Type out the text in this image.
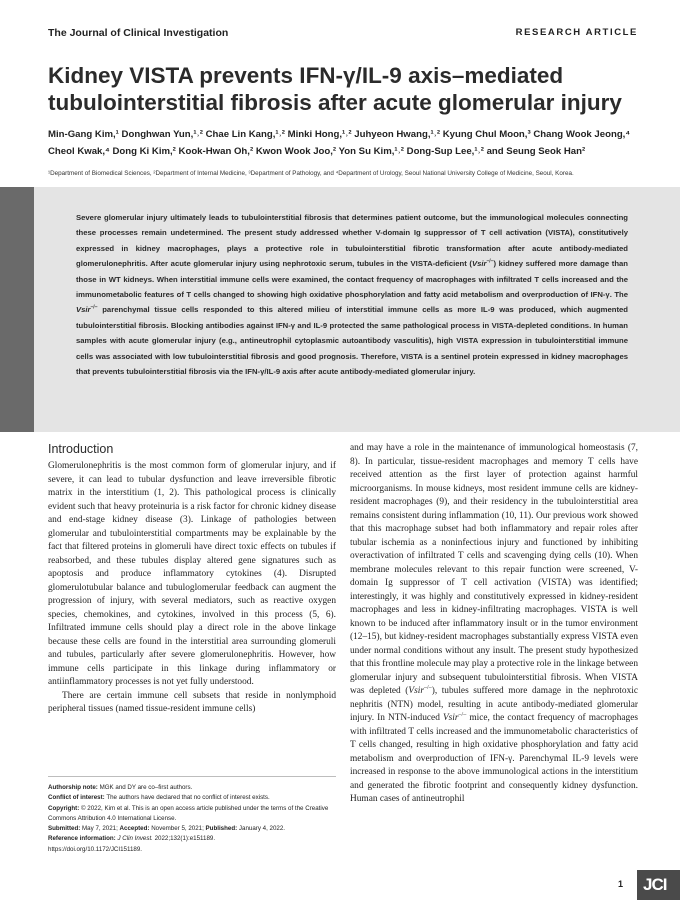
The Journal of Clinical Investigation	RESEARCH ARTICLE
Kidney VISTA prevents IFN-γ/IL-9 axis–mediated
tubulointerstitial fibrosis after acute glomerular injury
Min-Gang Kim,¹ Donghwan Yun,¹˒² Chae Lin Kang,¹˒² Minki Hong,¹˒² Juhyeon Hwang,¹˒² Kyung Chul Moon,³ Chang Wook Jeong,⁴
Cheol Kwak,⁴ Dong Ki Kim,² Kook-Hwan Oh,² Kwon Wook Joo,² Yon Su Kim,¹˒² Dong-Sup Lee,¹˒² and Seung Seok Han²
¹Department of Biomedical Sciences, ²Department of Internal Medicine, ³Department of Pathology, and ⁴Department of Urology, Seoul National University College of Medicine, Seoul, Korea.
Severe glomerular injury ultimately leads to tubulointerstitial fibrosis that determines patient outcome, but the immunological molecules connecting these processes remain undetermined. The present study addressed whether V-domain Ig suppressor of T cell activation (VISTA), constitutively expressed in kidney macrophages, plays a protective role in tubulointerstitial fibrotic transformation after acute antibody-mediated glomerulonephritis. After acute glomerular injury using nephrotoxic serum, tubules in the VISTA-deficient (Vsir–/–) kidney suffered more damage than those in WT kidneys. When interstitial immune cells were examined, the contact frequency of macrophages with infiltrated T cells increased and the immunometabolic features of T cells changed to showing high oxidative phosphorylation and fatty acid metabolism and overproduction of IFN-γ. The Vsir–/– parenchymal tissue cells responded to this altered milieu of interstitial immune cells as more IL-9 was produced, which augmented tubulointerstitial fibrosis. Blocking antibodies against IFN-γ and IL-9 protected the same pathological process in VISTA-depleted conditions. In human samples with acute glomerular injury (e.g., antineutrophil cytoplasmic autoantibody vasculitis), high VISTA expression in tubulointerstitial immune cells was associated with low tubulointerstitial fibrosis and good prognosis. Therefore, VISTA is a sentinel protein expressed in kidney macrophages that prevents tubulointerstitial fibrosis via the IFN-γ/IL-9 axis after acute antibody-mediated glomerular injury.
Introduction

Glomerulonephritis is the most common form of glomerular injury, and if severe, it can lead to tubular dysfunction and leave irreversible fibrotic matrix in the interstitium (1, 2). This pathological process is clinically evident such that heavy proteinuria is a risk factor for chronic kidney disease and end-stage kidney disease (3). Linkage of pathologies between glomerular and tubulointerstitial compartments may be explainable by the fact that filtered proteins in glomeruli have direct toxic effects on tubules if reabsorbed, and these tubules display altered gene signatures such as apoptosis and produce inflammatory cytokines (4). Disrupted glomerulotubular balance and tubuloglomerular feedback can augment the progression of injury, with several mediators, such as reactive oxygen species, chemokines, and cytokines, involved in this process (5, 6). Infiltrated immune cells should play a direct role in the above linkage because these cells are found in the interstitial area surrounding glomeruli and tubules, particularly after severe glomerulonephritis. However, how immune cells participate in this linkage during inflammatory or antiinflammatory processes is not yet fully understood.

There are certain immune cell subsets that reside in nonlymphoid peripheral tissues (named tissue-resident immune cells)

and may have a role in the maintenance of immunological homeostasis (7, 8). In particular, tissue-resident macrophages and memory T cells have received attention as the first layer of protection against harmful microorganisms. In mouse kidneys, most resident immune cells are kidney-resident macrophages (9), and their residency in the tubulointerstitial area remains consistent during inflammation (10, 11). Our previous work showed that this macrophage subset had both inflammatory and repair roles after tubular ischemia as a noninfectious injury and functioned by inhibiting overactivation of infiltrated T cells and scavenging dying cells (10). When membrane molecules relevant to this repair function were screened, V-domain Ig suppressor of T cell activation (VISTA) was identified; interestingly, it was highly and constitutively expressed in kidney-resident macrophages and less in kidney-infiltrating macrophages. VISTA is well known to be induced after inflammatory insult or in the tumor environment (12–15), but kidney-resident macrophages substantially express VISTA even under normal conditions without any insult. The present study hypothesized that this frontline molecule may play a protective role in the linkage between glomerular injury and subsequent tubulointerstitial fibrosis. When VISTA was depleted (Vsir–/–), tubules suffered more damage in the nephrotoxic nephritis (NTN) model, resulting in acute antibody-mediated glomerular injury. In NTN-induced Vsir–/– mice, the contact frequency of macrophages with infiltrated T cells increased and the immunometabolic characteristics of T cells changed, resulting in high oxidative phosphorylation and fatty acid metabolism and overproduction of IFN-γ. Parenchymal IL-9 levels were increased in response to the above immunological actions in the interstitium and generated the fibrotic footprint and consequently kidney dysfunction. Human cases of antineutrophil

Authorship note: MGK and DY are co–first authors.
Conflict of interest: The authors have declared that no conflict of interest exists.
Copyright: © 2022, Kim et al. This is an open access article published under the terms of the Creative Commons Attribution 4.0 International License.
Submitted: May 7, 2021; Accepted: November 5, 2021; Published: January 4, 2022.
Reference information: J Clin Invest. 2022;132(1):e151189.
https://doi.org/10.1172/JCI151189.
1	JCI
